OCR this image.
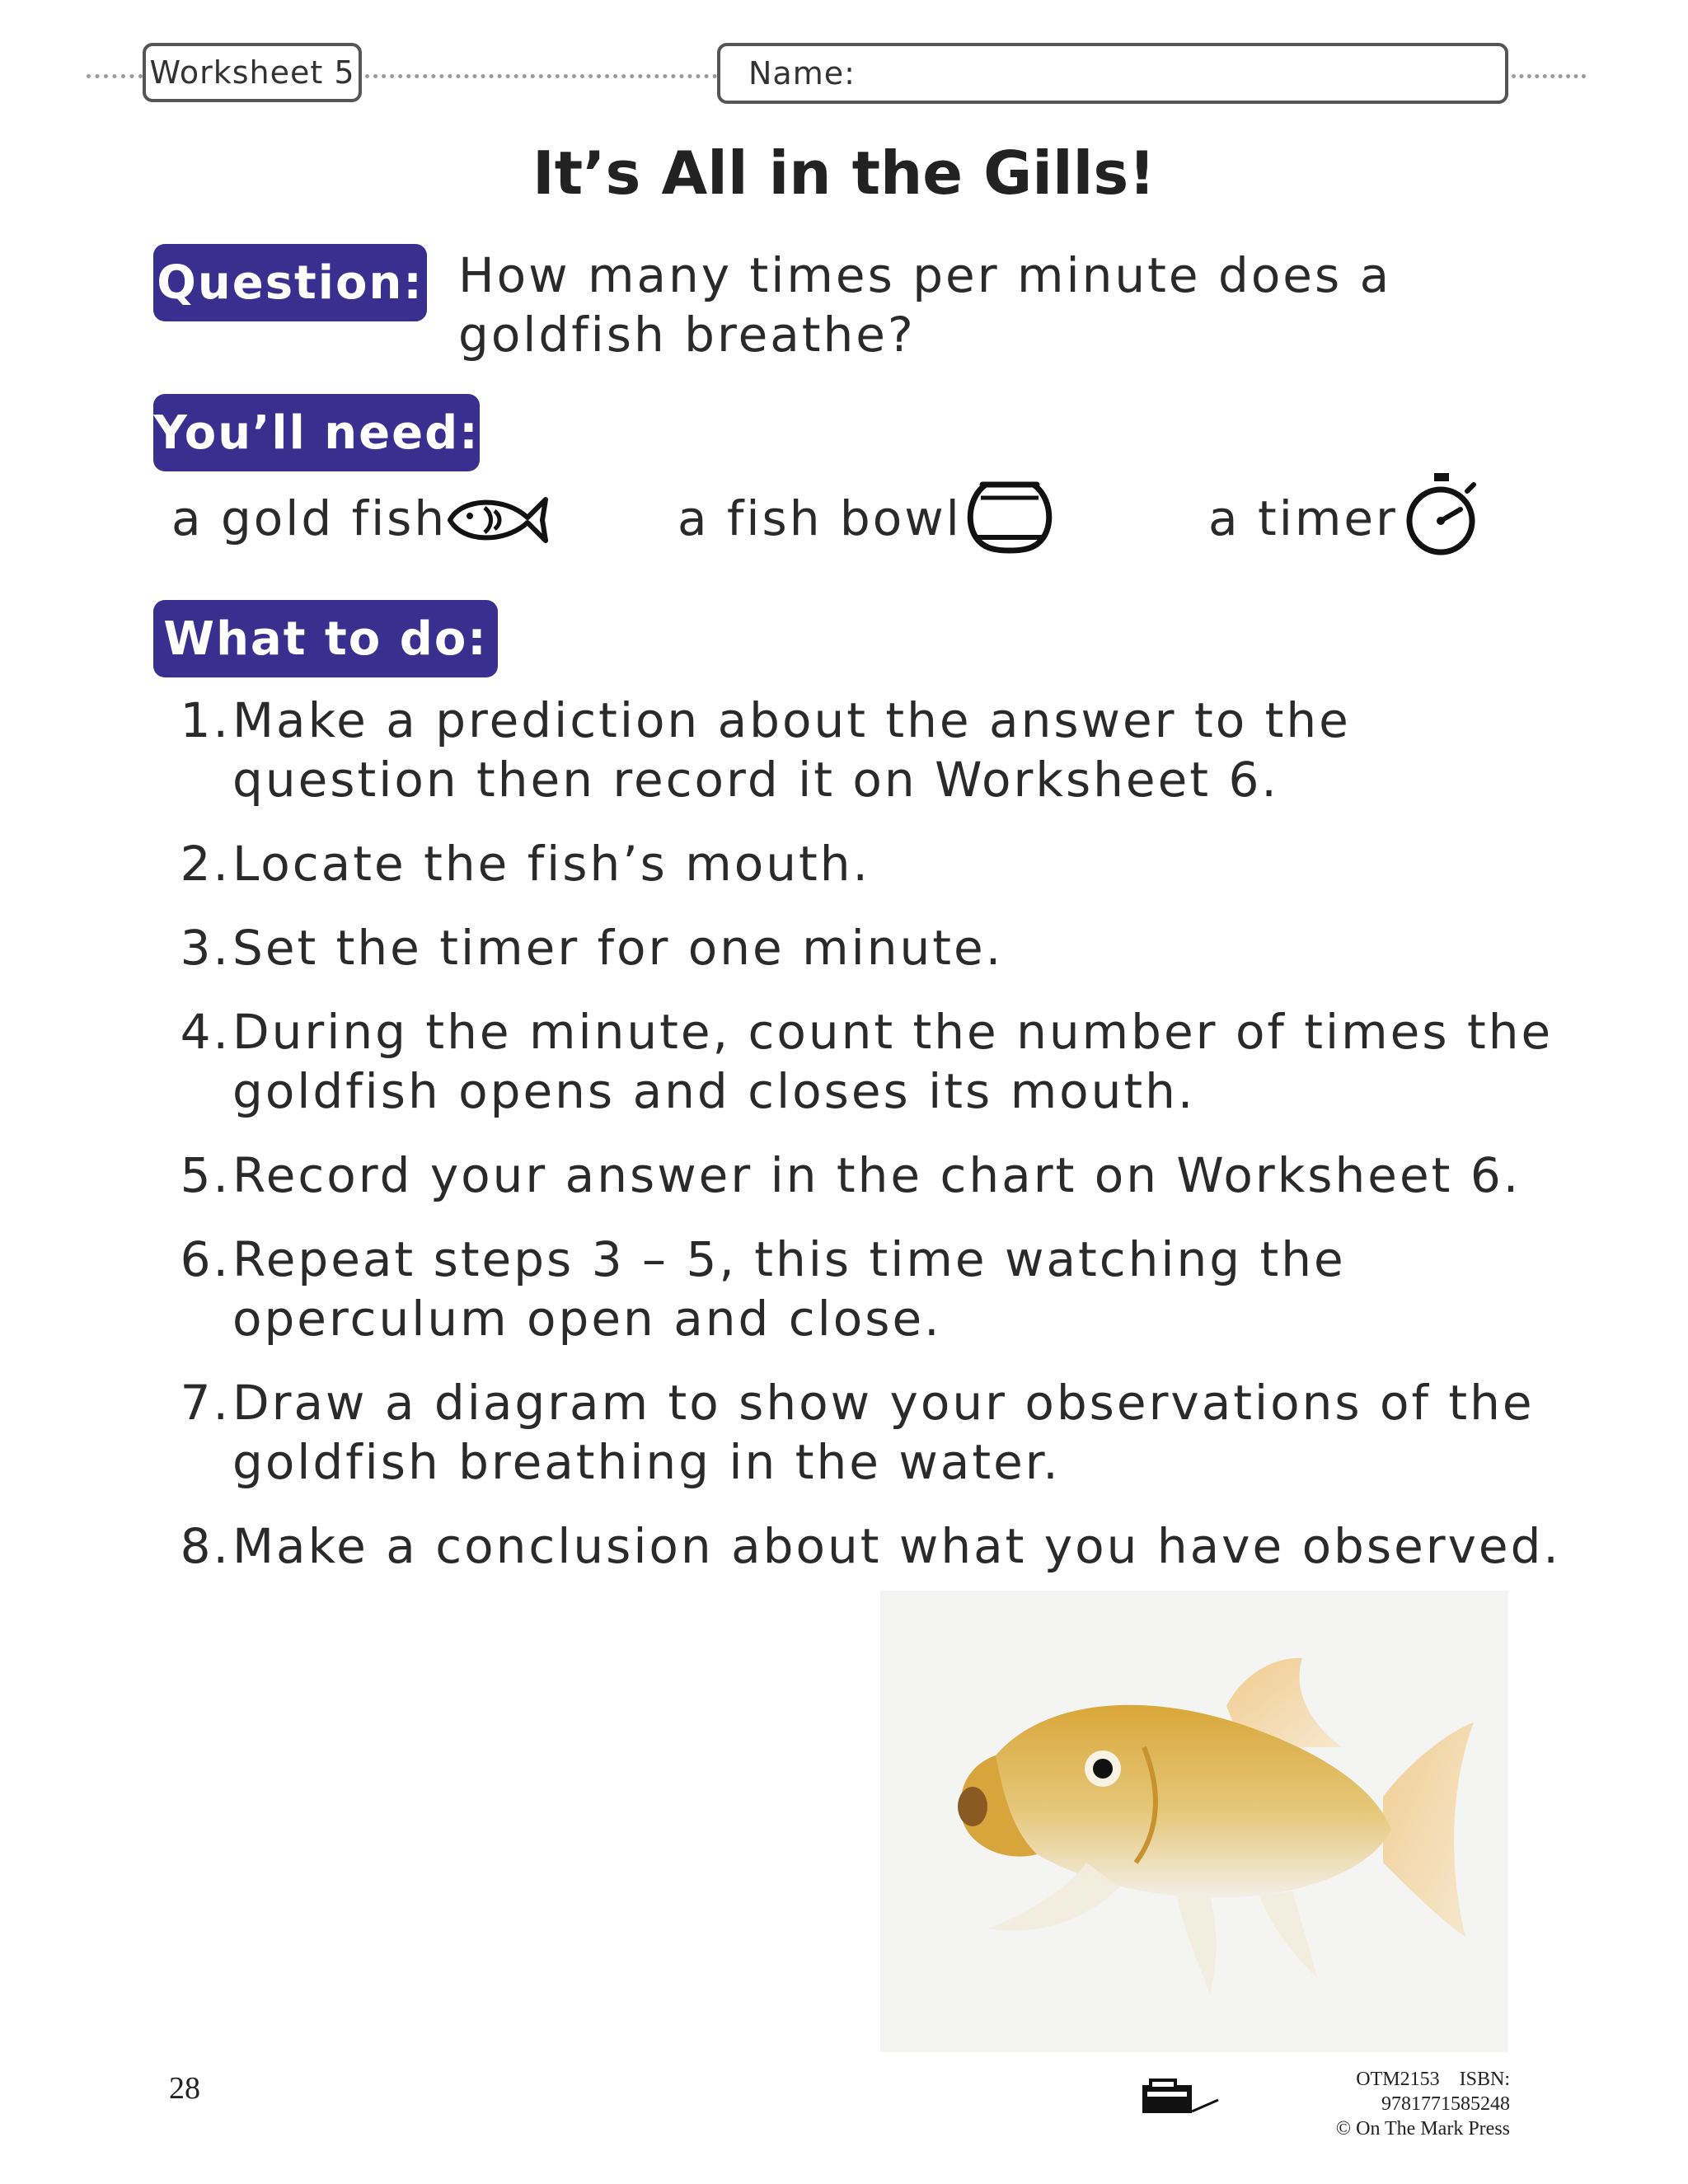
Worksheet 5	Name:
It’s All in the Gills!
Question: How many times per minute does a goldfish breathe?
You’ll need:
a gold fish	a fish bowl	a timer
What to do:
1. Make a prediction about the answer to the question then record it on Worksheet 6.
2. Locate the fish’s mouth.
3. Set the timer for one minute.
4. During the minute, count the number of times the goldfish opens and closes its mouth.
5. Record your answer in the chart on Worksheet 6.
6. Repeat steps 3 – 5, this time watching the operculum open and close.
7. Draw a diagram to show your observations of the goldfish breathing in the water.
8. Make a conclusion about what you have observed.
28	OTM2153 ISBN: 9781771585248
© On The Mark Press
